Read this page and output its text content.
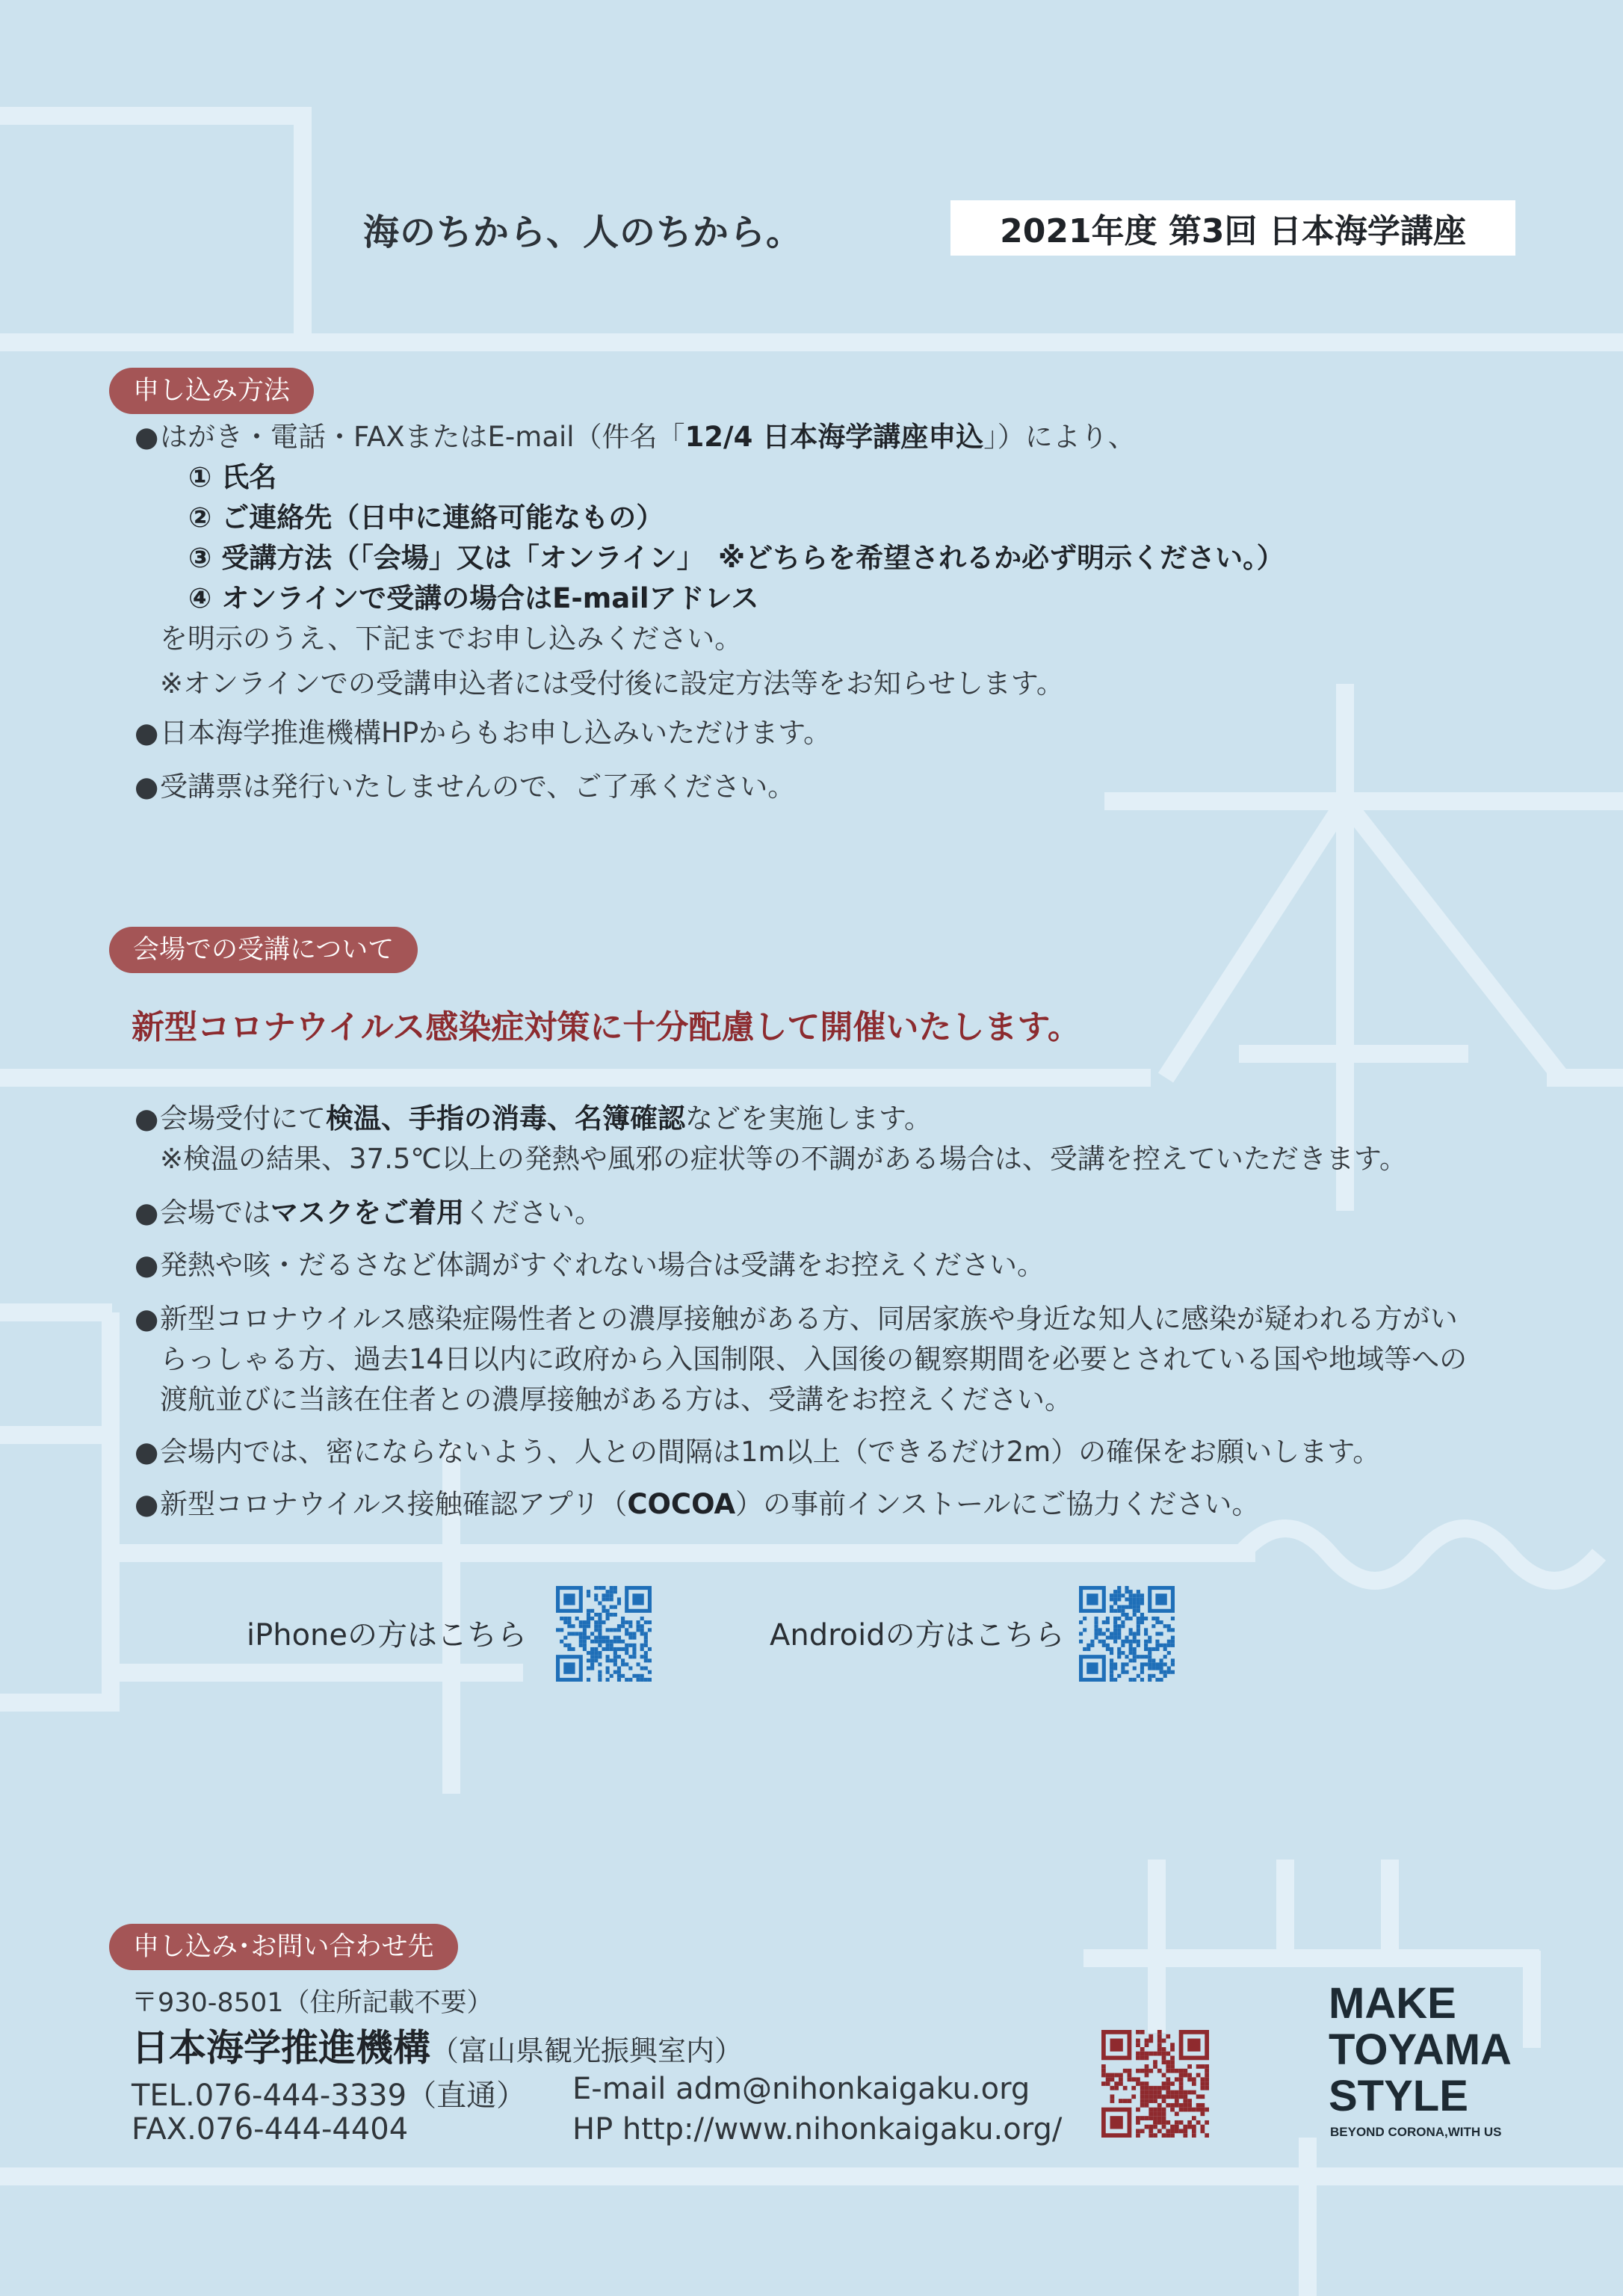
海のちから、人のちから。	2021年度 第3回 日本海学講座
申し込み方法
● はがき・電話・FAXまたはE-mail（件名「12/4 日本海学講座申込」）により、
① 氏名
② ご連絡先（日中に連絡可能なもの）
③ 受講方法（「会場」又は「オンライン」　※どちらを希望されるか必ず明示ください。）
④ オンラインで受講の場合はE-mailアドレス
を明示のうえ、下記までお申し込みください。
※オンラインでの受講申込者には受付後に設定方法等をお知らせします。
● 日本海学推進機構HPからもお申し込みいただけます。
● 受講票は発行いたしませんので、ご了承ください。
会場での受講について
新型コロナウイルス感染症対策に十分配慮して開催いたします。
● 会場受付にて検温、手指の消毒、名簿確認などを実施します。
※検温の結果、37.5℃以上の発熱や風邪の症状等の不調がある場合は、受講を控えていただきます。
● 会場ではマスクをご着用ください。
● 発熱や咳・だるさなど体調がすぐれない場合は受講をお控えください。
● 新型コロナウイルス感染症陽性者との濃厚接触がある方、同居家族や身近な知人に感染が疑われる方がい
らっしゃる方、過去14日以内に政府から入国制限、入国後の観察期間を必要とされている国や地域等への
渡航並びに当該在住者との濃厚接触がある方は、受講をお控えください。
● 会場内では、密にならないよう、人との間隔は1m以上（できるだけ2m）の確保をお願いします。
● 新型コロナウイルス接触確認アプリ（COCOA）の事前インストールにご協力ください。
iPhoneの方はこちら	Androidの方はこちら
申し込み･お問い合わせ先
〒930-8501（住所記載不要）
日本海学推進機構（富山県観光振興室内）
TEL.076-444-3339（直通）
FAX.076-444-4404
E-mail adm@nihonkaigaku.org
HP http://www.nihonkaigaku.org/
MAKE
TOYAMA
STYLE
BEYOND CORONA,WITH US
